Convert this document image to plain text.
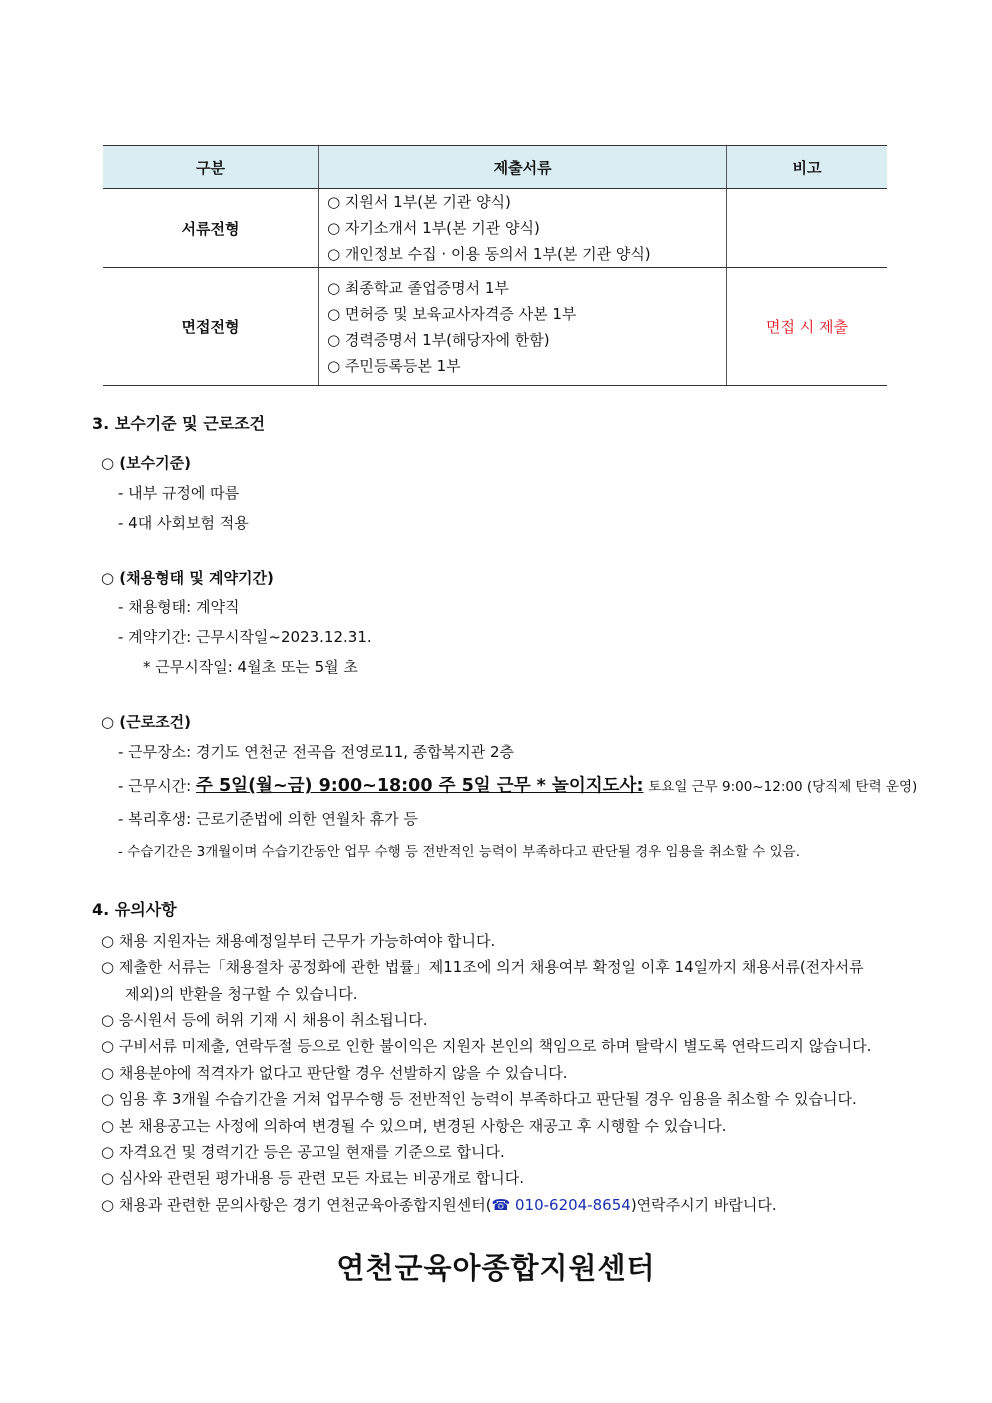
구분	제출서류	비고
서류전형	○ 지원서 1부(본 기관 양식)
○ 자기소개서 1부(본 기관 양식)
○ 개인정보 수집 · 이용 동의서 1부(본 기관 양식)	

면접전형	○ 최종학교 졸업증명서 1부
○ 면허증 및 보육교사자격증 사본 1부
○ 경력증명서 1부(해당자에 한함)
○ 주민등록등본 1부	면접 시 제출
3. 보수기준 및 근로조건
○ (보수기준)
- 내부 규정에 따름
- 4대 사회보험 적용
○ (채용형태 및 계약기간)
- 채용형태: 계약직
- 계약기간: 근무시작일~2023.12.31.
* 근무시작일: 4월초 또는 5월 초
○ (근로조건)
- 근무장소: 경기도 연천군 전곡읍 전영로11, 종합복지관 2층
- 근무시간: 주 5일(월~금) 9:00~18:00 주 5일 근무 * 놀이지도사: 토요일 근무 9:00~12:00 (당직제 탄력 운영)
- 복리후생: 근로기준법에 의한 연월차 휴가 등
- 수습기간은 3개월이며 수습기간동안 업무 수행 등 전반적인 능력이 부족하다고 판단될 경우 임용을 취소할 수 있음.
4. 유의사항
○ 채용 지원자는 채용예정일부터 근무가 가능하여야 합니다.
○ 제출한 서류는「채용절차 공정화에 관한 법률」제11조에 의거 채용여부 확정일 이후 14일까지 채용서류(전자서류
제외)의 반환을 청구할 수 있습니다.
○ 응시원서 등에 허위 기재 시 채용이 취소됩니다.
○ 구비서류 미제출, 연락두절 등으로 인한 불이익은 지원자 본인의 책임으로 하며 탈락시 별도록 연락드리지 않습니다.
○ 채용분야에 적격자가 없다고 판단할 경우 선발하지 않을 수 있습니다.
○ 임용 후 3개월 수습기간을 거쳐 업무수행 등 전반적인 능력이 부족하다고 판단될 경우 임용을 취소할 수 있습니다.
○ 본 채용공고는 사정에 의하여 변경될 수 있으며, 변경된 사항은 재공고 후 시행할 수 있습니다.
○ 자격요건 및 경력기간 등은 공고일 현재를 기준으로 합니다.
○ 심사와 관련된 평가내용 등 관련 모든 자료는 비공개로 합니다.
○ 채용과 관련한 문의사항은 경기 연천군육아종합지원센터(☎ 010-6204-8654)연락주시기 바랍니다.
연천군육아종합지원센터
